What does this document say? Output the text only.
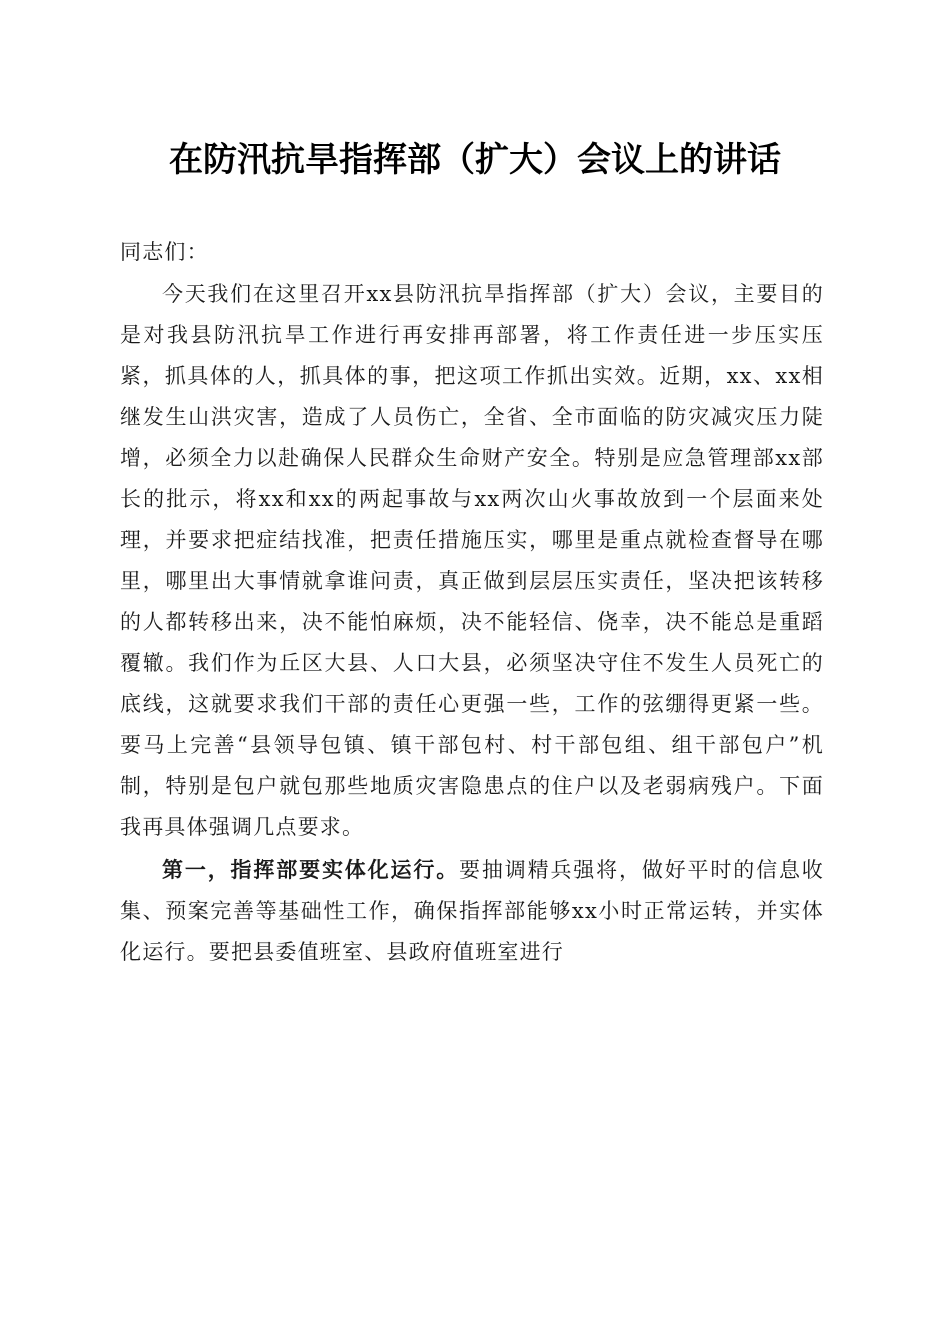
在防汛抗旱指挥部（扩大）会议上的讲话

同志们：

今天我们在这里召开xx县防汛抗旱指挥部（扩大）会议，主要目的是对我县防汛抗旱工作进行再安排再部署，将工作责任进一步压实压紧，抓具体的人，抓具体的事，把这项工作抓出实效。近期，xx、xx相继发生山洪灾害，造成了人员伤亡，全省、全市面临的防灾减灾压力陡增，必须全力以赴确保人民群众生命财产安全。特别是应急管理部xx部长的批示，将xx和xx的两起事故与xx两次山火事故放到一个层面来处理，并要求把症结找准，把责任措施压实，哪里是重点就检查督导在哪里，哪里出大事情就拿谁问责，真正做到层层压实责任，坚决把该转移的人都转移出来，决不能怕麻烦，决不能轻信、侥幸，决不能总是重蹈覆辙。我们作为丘区大县、人口大县，必须坚决守住不发生人员死亡的底线，这就要求我们干部的责任心更强一些，工作的弦绷得更紧一些。要马上完善“县领导包镇、镇干部包村、村干部包组、组干部包户”机制，特别是包户就包那些地质灾害隐患点的住户以及老弱病残户。下面我再具体强调几点要求。

第一，指挥部要实体化运行。要抽调精兵强将，做好平时的信息收集、预案完善等基础性工作，确保指挥部能够xx小时正常运转，并实体化运行。要把县委值班室、县政府值班室进行
